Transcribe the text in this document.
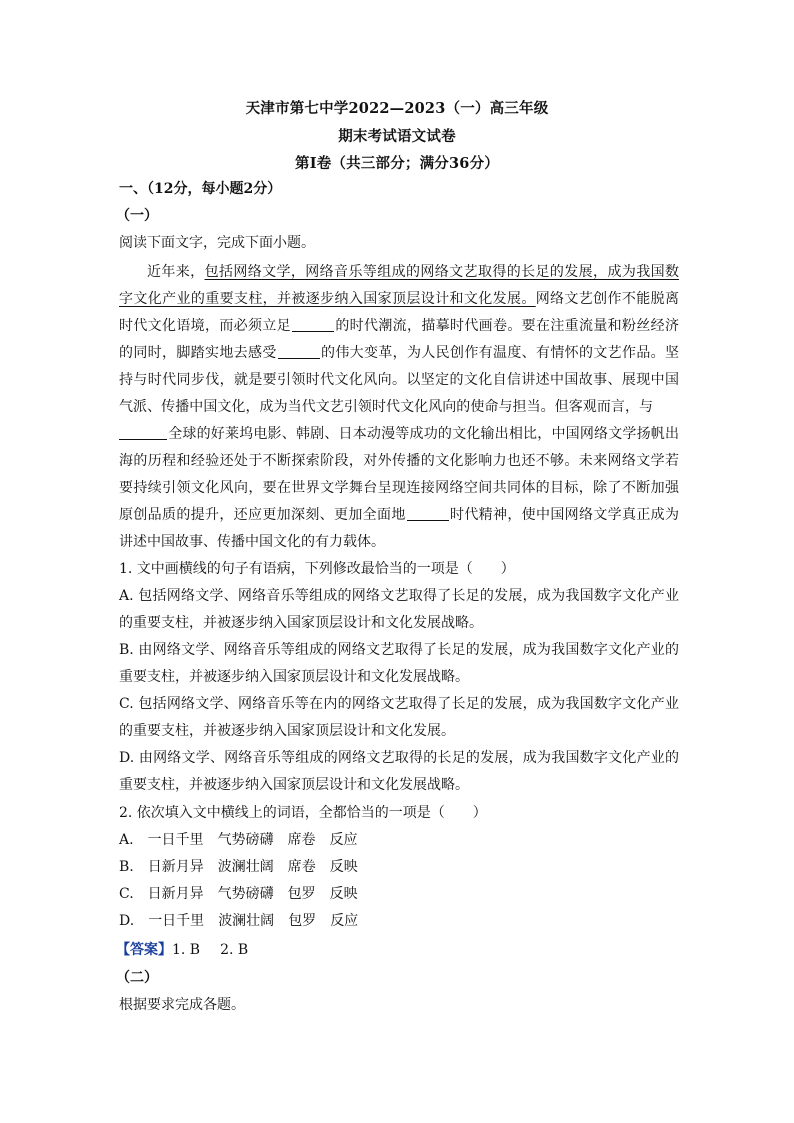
天津市第七中学2022—2023（一）高三年级
期末考试语文试卷
第Ⅰ卷（共三部分；满分36分）
一、（12分，每小题2分）
（一）
阅读下面文字，完成下面小题。
近年来，包括网络文学，网络音乐等组成的网络文艺取得的长足的发展，成为我国数
字文化产业的重要支柱，并被逐步纳入国家顶层设计和文化发展。网络文艺创作不能脱离
时代文化语境，而必须立足	的时代潮流，描摹时代画卷。要在注重流量和粉丝经济
的同时，脚踏实地去感受	的伟大变革，为人民创作有温度、有情怀的文艺作品。坚
持与时代同步伐，就是要引领时代文化风向。以坚定的文化自信讲述中国故事、展现中国
气派、传播中国文化，成为当代文艺引领时代文化风向的使命与担当。但客观而言，与
全球的好莱坞电影、韩剧、日本动漫等成功的文化输出相比，中国网络文学扬帆出
海的历程和经验还处于不断探索阶段，对外传播的文化影响力也还不够。未来网络文学若
要持续引领文化风向，要在世界文学舞台呈现连接网络空间共同体的目标，除了不断加强
原创品质的提升，还应更加深刻、更加全面地	时代精神，使中国网络文学真正成为
讲述中国故事、传播中国文化的有力载体。
1. 文中画横线的句子有语病，下列修改最恰当的一项是（　　）
A. 包括网络文学、网络音乐等组成的网络文艺取得了长足的发展，成为我国数字文化产业
的重要支柱，并被逐步纳入国家顶层设计和文化发展战略。
B. 由网络文学、网络音乐等组成的网络文艺取得了长足的发展，成为我国数字文化产业的
重要支柱，并被逐步纳入国家顶层设计和文化发展战略。
C. 包括网络文学、网络音乐等在内的网络文艺取得了长足的发展，成为我国数字文化产业
的重要支柱，并被逐步纳入国家顶层设计和文化发展。
D. 由网络文学、网络音乐等组成的网络文艺取得的长足的发展，成为我国数字文化产业的
重要支柱，并被逐步纳入国家顶层设计和文化发展战略。
2. 依次填入文中横线上的词语，全都恰当的一项是（　　）
A. 一日千里 气势磅礴 席卷 反应
B. 日新月异 波澜壮阔 席卷 反映
C. 日新月异 气势磅礴 包罗 反映
D. 一日千里 波澜壮阔 包罗 反应
【答案】1. B 2. B
（二）
根据要求完成各题。
